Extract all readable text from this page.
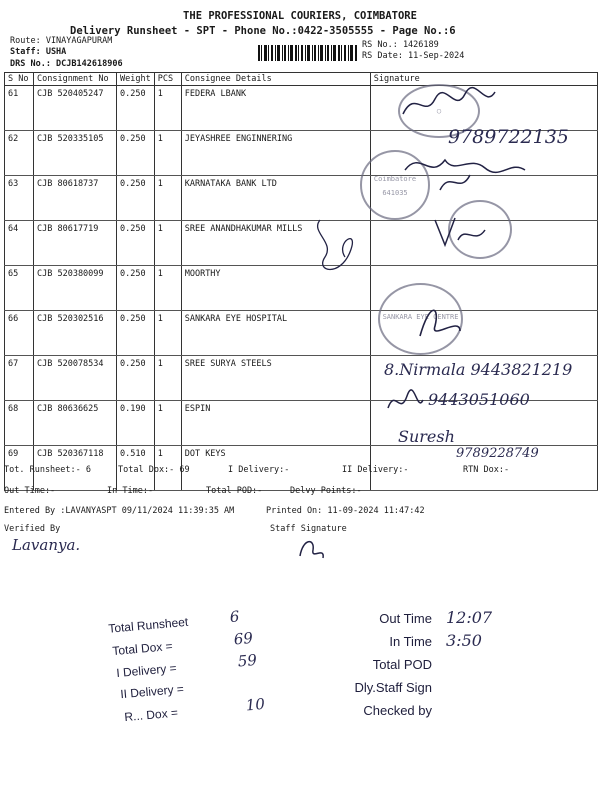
THE PROFESSIONAL COURIERS, COIMBATORE
Delivery Runsheet - SPT - Phone No.:0422-3505555 - Page No.:6
Route: VINAYAGAPURAM
Staff: USHA
DRS No.: DCJB142618906
RS No.: 1426189
RS Date: 11-Sep-2024
S No	Consignment No	Weight	PCS	Consignee Details	Signature
61	CJB 520405247	0.250	1	FEDERA LBANK	
62	CJB 520335105	0.250	1	JEYASHREE ENGINNERING	
63	CJB 80618737	0.250	1	KARNATAKA BANK LTD	
64	CJB 80617719	0.250	1	SREE ANANDHAKUMAR MILLS	
65	CJB 520380099	0.250	1	MOORTHY	
66	CJB 520302516	0.250	1	SANKARA EYE HOSPITAL	
67	CJB 520078534	0.250	1	SREE SURYA STEELS	
68	CJB 80636625	0.190	1	ESPIN	
69	CJB 520367118	0.510	1	DOT KEYS	
◯
Coimbatore 641035
SANKARA EYE CENTRE
9789722135
8.Nirmala 9443821219
9443051060
Suresh
9789228749
Tot. Runsheet:- 6	Total Dox:- 69	I Delivery:-	II Delivery:-	RTN Dox:-
Out Time:-	In Time:-	Total POD:-	Delvy Points:-
Entered By :LAVANYASPT 09/11/2024 11:39:35 AM	Printed On: 11-09-2024 11:47:42
Verified By	Staff Signature
Lavanya.
Total Runsheet	6
Total Dox =69
I Delivery =59
II Delivery =
R... Dox =10
Out Time 12:07
In Time 3:50
Total POD
Dly.Staff Sign
Checked by
